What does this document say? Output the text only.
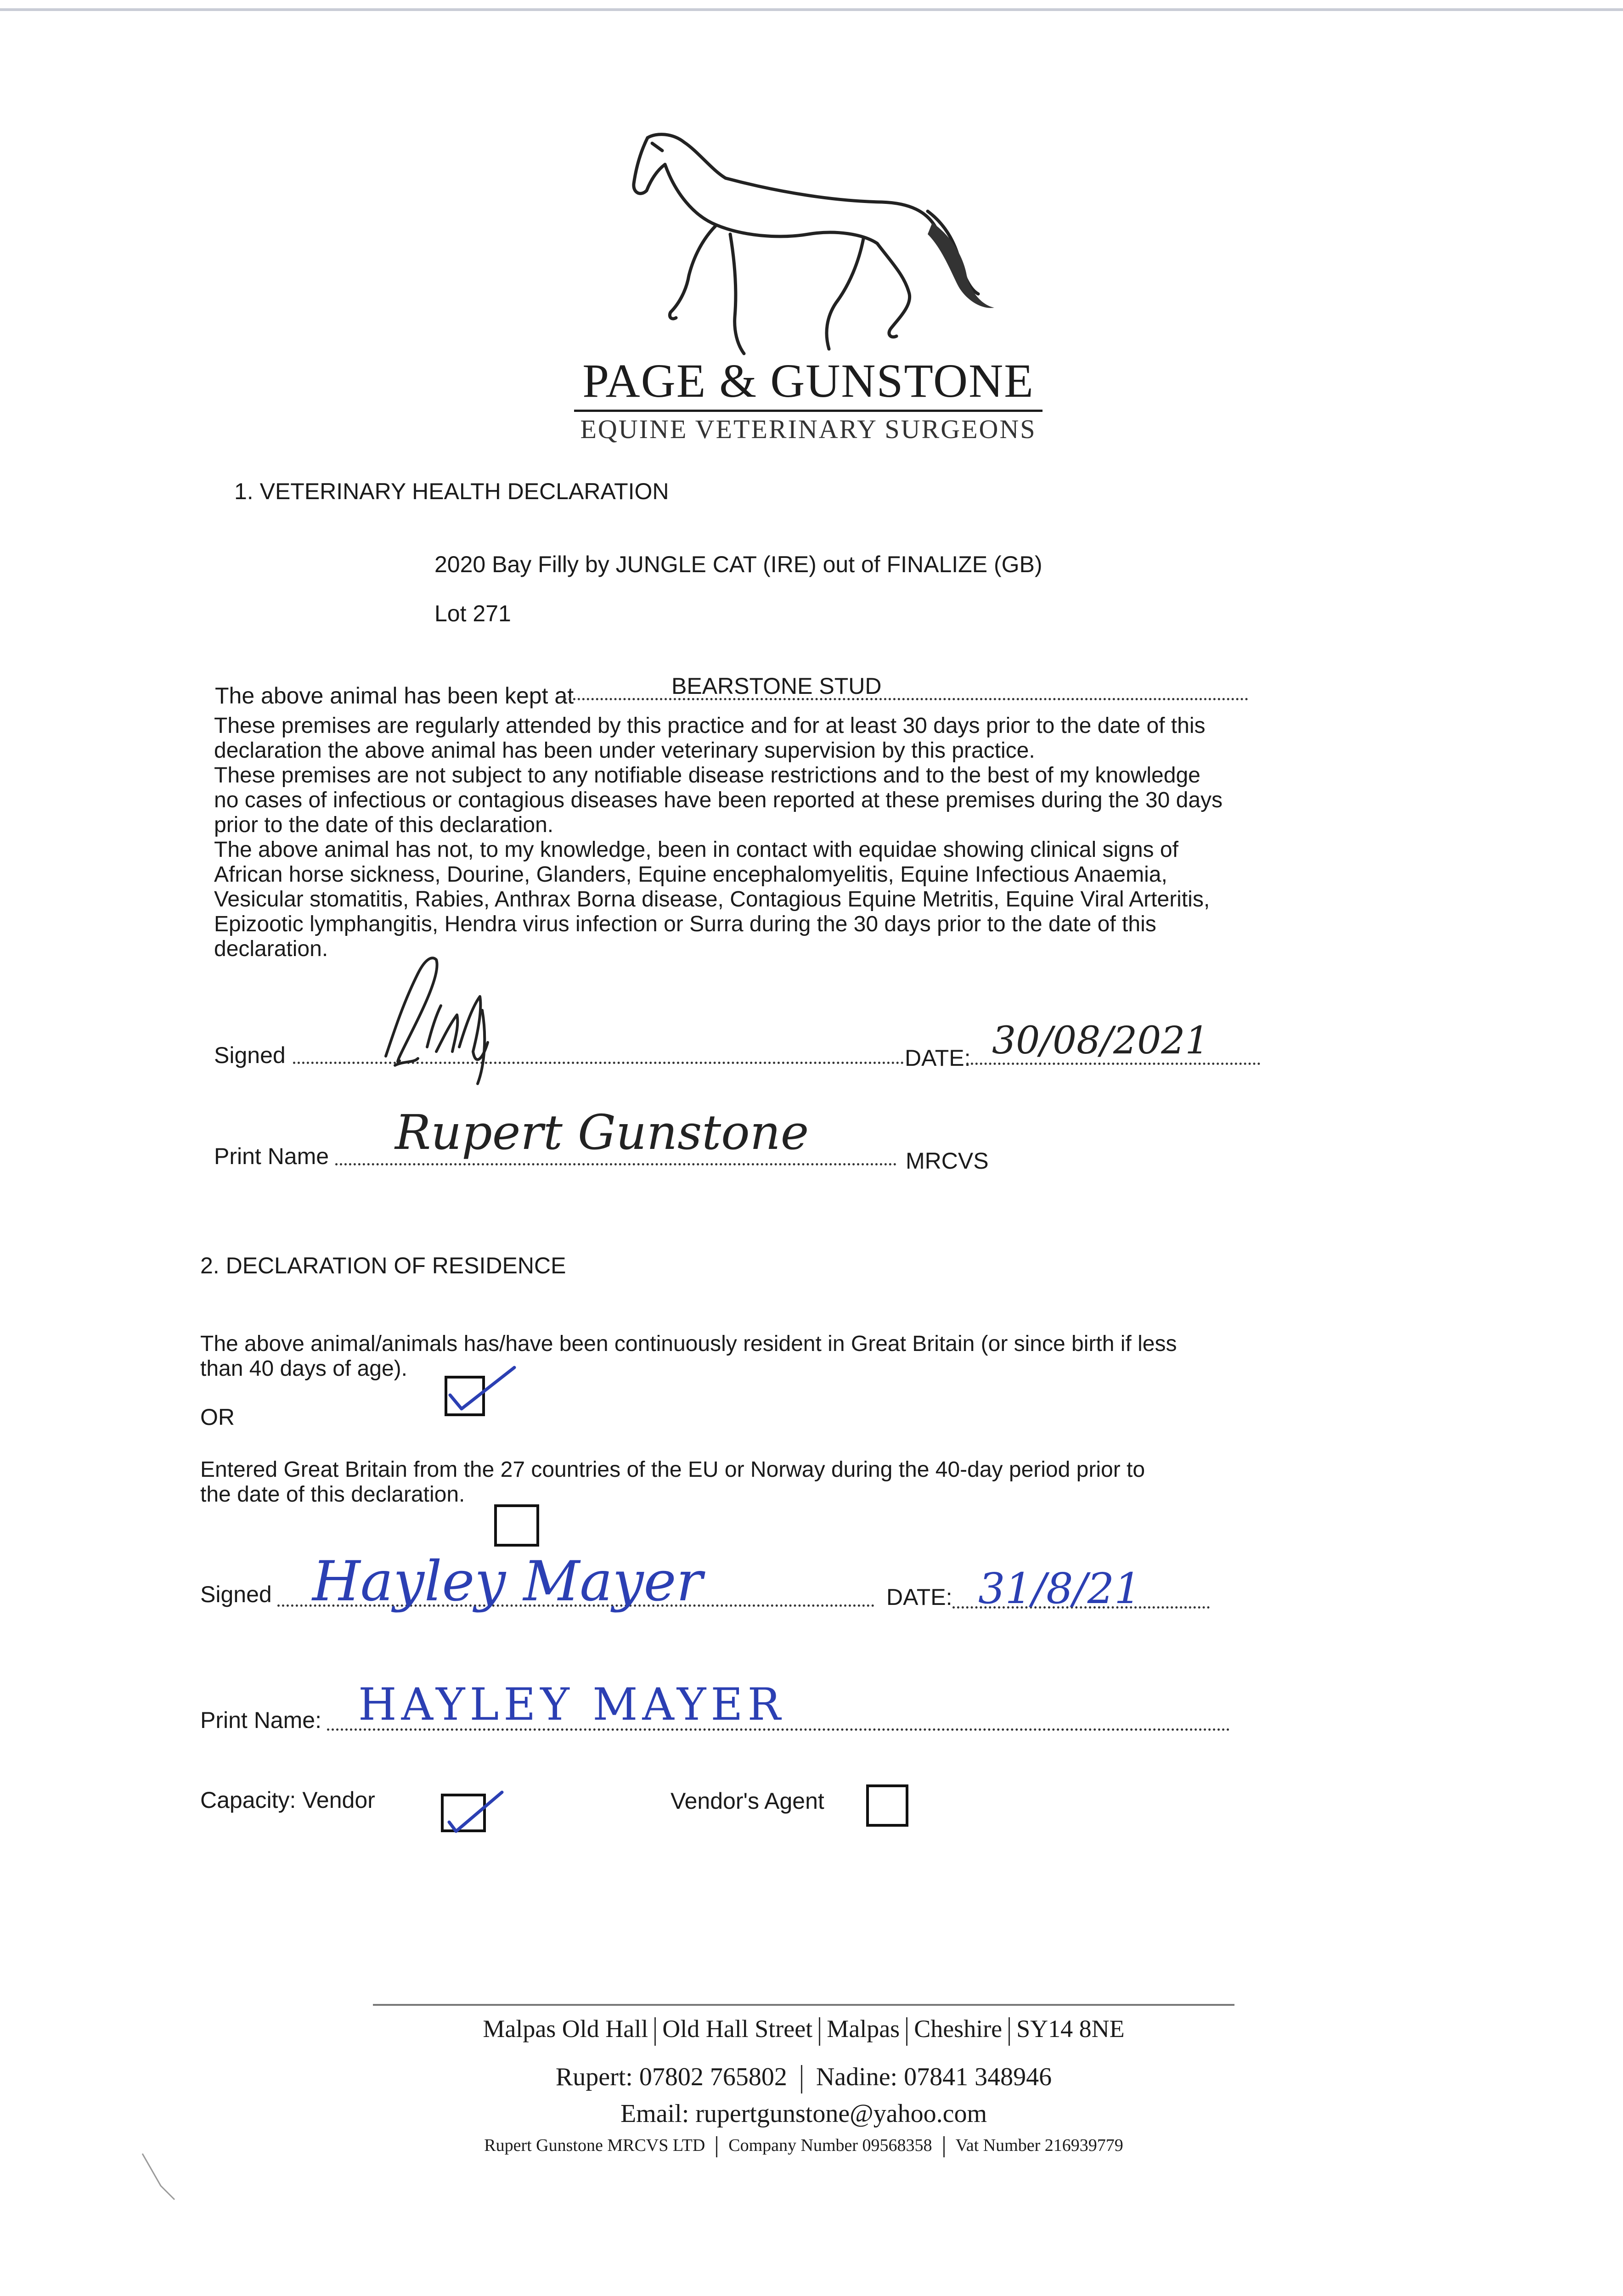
PAGE & GUNSTONE
EQUINE VETERINARY SURGEONS
1. VETERINARY HEALTH DECLARATION
2020 Bay Filly by JUNGLE CAT (IRE) out of FINALIZE (GB)
Lot 271
The above animal has been kept at	BEARSTONE STUD
These premises are regularly attended by this practice and for at least 30 days prior to the date of this
declaration the above animal has been under veterinary supervision by this practice.
These premises are not subject to any notifiable disease restrictions and to the best of my knowledge
no cases of infectious or contagious diseases have been reported at these premises during the 30 days
prior to the date of this declaration.
The above animal has not, to my knowledge, been in contact with equidae showing clinical signs of
African horse sickness, Dourine, Glanders, Equine encephalomyelitis, Equine Infectious Anaemia,
Vesicular stomatitis, Rabies, Anthrax Borna disease, Contagious Equine Metritis, Equine Viral Arteritis,
Epizootic lymphangitis, Hendra virus infection or Surra during the 30 days prior to the date of this
declaration.
Signed	DATE: 30/08/2021
Print Name Rupert Gunstone
MRCVS
2. DECLARATION OF RESIDENCE
The above animal/animals has/have been continuously resident in Great Britain (or since birth if less
than 40 days of age).
OR
Entered Great Britain from the 27 countries of the EU or Norway during the 40-day period prior to
the date of this declaration.
Signed Hayley Mayer	DATE: 31/8/21
Print Name: HAYLEY MAYER
Capacity: Vendor	Vendor's Agent
Malpas Old Hall Old Hall Street Malpas Cheshire SY14 8NE
Rupert: 07802 765802 Nadine: 07841 348946
Email: rupertgunstone@yahoo.com
Rupert Gunstone MRCVS LTD Company Number 09568358 Vat Number 216939779
